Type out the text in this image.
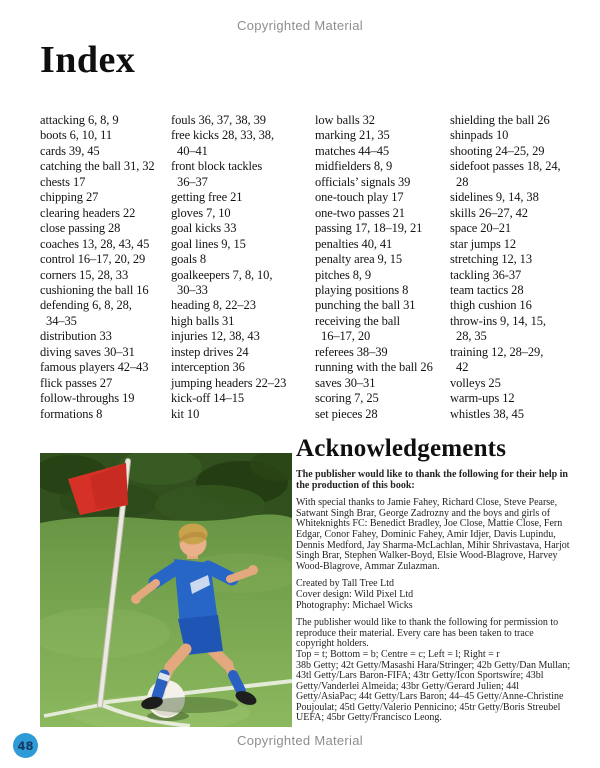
Copyrighted Material
Index
attacking 6, 8, 9
boots 6, 10, 11
cards 39, 45
catching the ball 31, 32
chests 17
chipping 27
clearing headers 22
close passing 28
coaches 13, 28, 43, 45
control 16–17, 20, 29
corners 15, 28, 33
cushioning the ball 16
defending 6, 8, 28,
34–35
distribution 33
diving saves 30–31
famous players 42–43
flick passes 27
follow-throughs 19
formations 8
fouls 36, 37, 38, 39
free kicks 28, 33, 38,
40–41
front block tackles
36–37
getting free 21
gloves 7, 10
goal kicks 33
goal lines 9, 15
goals 8
goalkeepers 7, 8, 10,
30–33
heading 8, 22–23
high balls 31
injuries 12, 38, 43
instep drives 24
interception 36
jumping headers 22–23
kick-off 14–15
kit 10
low balls 32
marking 21, 35
matches 44–45
midfielders 8, 9
officials’ signals 39
one-touch play 17
one-two passes 21
passing 17, 18–19, 21
penalties 40, 41
penalty area 9, 15
pitches 8, 9
playing positions 8
punching the ball 31
receiving the ball
16–17, 20
referees 38–39
running with the ball 26
saves 30–31
scoring 7, 25
set pieces 28
shielding the ball 26
shinpads 10
shooting 24–25, 29
sidefoot passes 18, 24,
28
sidelines 9, 14, 38
skills 26–27, 42
space 20–21
star jumps 12
stretching 12, 13
tackling 36-37
team tactics 28
thigh cushion 16
throw-ins 9, 14, 15,
28, 35
training 12, 28–29,
42
volleys 25
warm-ups 12
whistles 38, 45
Acknowledgements

The publisher would like to thank the following for their help in the production of this book:

With special thanks to Jamie Fahey, Richard Close, Steve Pearse, Satwant Singh Brar, George Zadrozny and the boys and girls of Whiteknights FC: Benedict Bradley, Joe Close, Mattie Close, Fern Edgar, Conor Fahey, Dominic Fahey, Amir Idjer, Davis Lupindu, Dennis Medford, Jay Sharma-McLachlan, Mihir Shrivastava, Harjot Singh Brar, Stephen Walker-Boyd, Elsie Wood-Blagrove, Harvey Wood-Blagrove, Ammar Zulazman.

Created by Tall Tree Ltd
Cover design: Wild Pixel Ltd
Photography: Michael Wicks

The publisher would like to thank the following for permission to reproduce their material. Every care has been taken to trace copyright holders.

Top = t; Bottom = b; Centre = c; Left = l; Right = r

38b Getty; 42t Getty/Masashi Hara/Stringer; 42b Getty/Dan Mullan; 43tl Getty/Lars Baron-FIFA; 43tr Getty/Icon Sportswire; 43bl Getty/Vanderlei Almeida; 43br Getty/Gerard Julien; 44l Getty/AsiaPac; 44t Getty/Lars Baron; 44–45 Getty/Anne-Christine Poujoulat; 45tl Getty/Valerio Pennicino; 45tr Getty/Boris Streubel UEFA; 45br Getty/Francisco Leong.

48	Copyrighted Material
